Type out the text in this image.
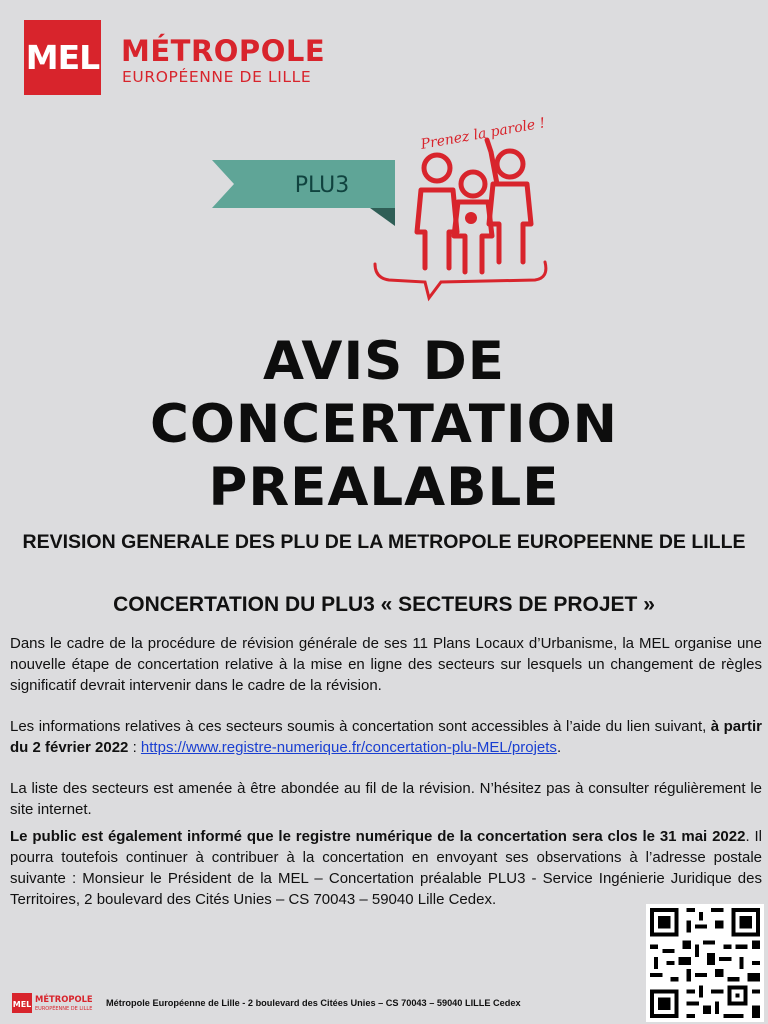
MEL MÉTROPOLE
EUROPÉENNE DE LILLE
PLU3
Prenez la parole !
AVIS DE
CONCERTATION
PREALABLE
REVISION GENERALE DES PLU DE LA METROPOLE EUROPEENNE DE LILLE
CONCERTATION DU PLU3 « SECTEURS DE PROJET »
Dans le cadre de la procédure de révision générale de ses 11 Plans Locaux d’Urbanisme, la MEL organise une nouvelle étape de concertation relative à la mise en ligne des secteurs sur lesquels un changement de règles significatif devrait intervenir dans le cadre de la révision.
Les informations relatives à ces secteurs soumis à concertation sont accessibles à l’aide du lien suivant, à partir du 2 février 2022 : https://www.registre-numerique.fr/concertation-plu-MEL/projets.
La liste des secteurs est amenée à être abondée au fil de la révision. N’hésitez pas à consulter régulièrement le site internet.
Le public est également informé que le registre numérique de la concertation sera clos le 31 mai 2022. Il pourra toutefois continuer à contribuer à la concertation en envoyant ses observations à l’adresse postale suivante : Monsieur le Président de la MEL – Concertation préalable PLU3 - Service Ingénierie Juridique des Territoires, 2 boulevard des Cités Unies – CS 70043 – 59040 Lille Cedex.
MEL
MÉTROPOLE
EUROPÉENNE DE LILLE
Métropole Européenne de Lille - 2 boulevard des Citées Unies – CS 70043 – 59040 LILLE Cedex
